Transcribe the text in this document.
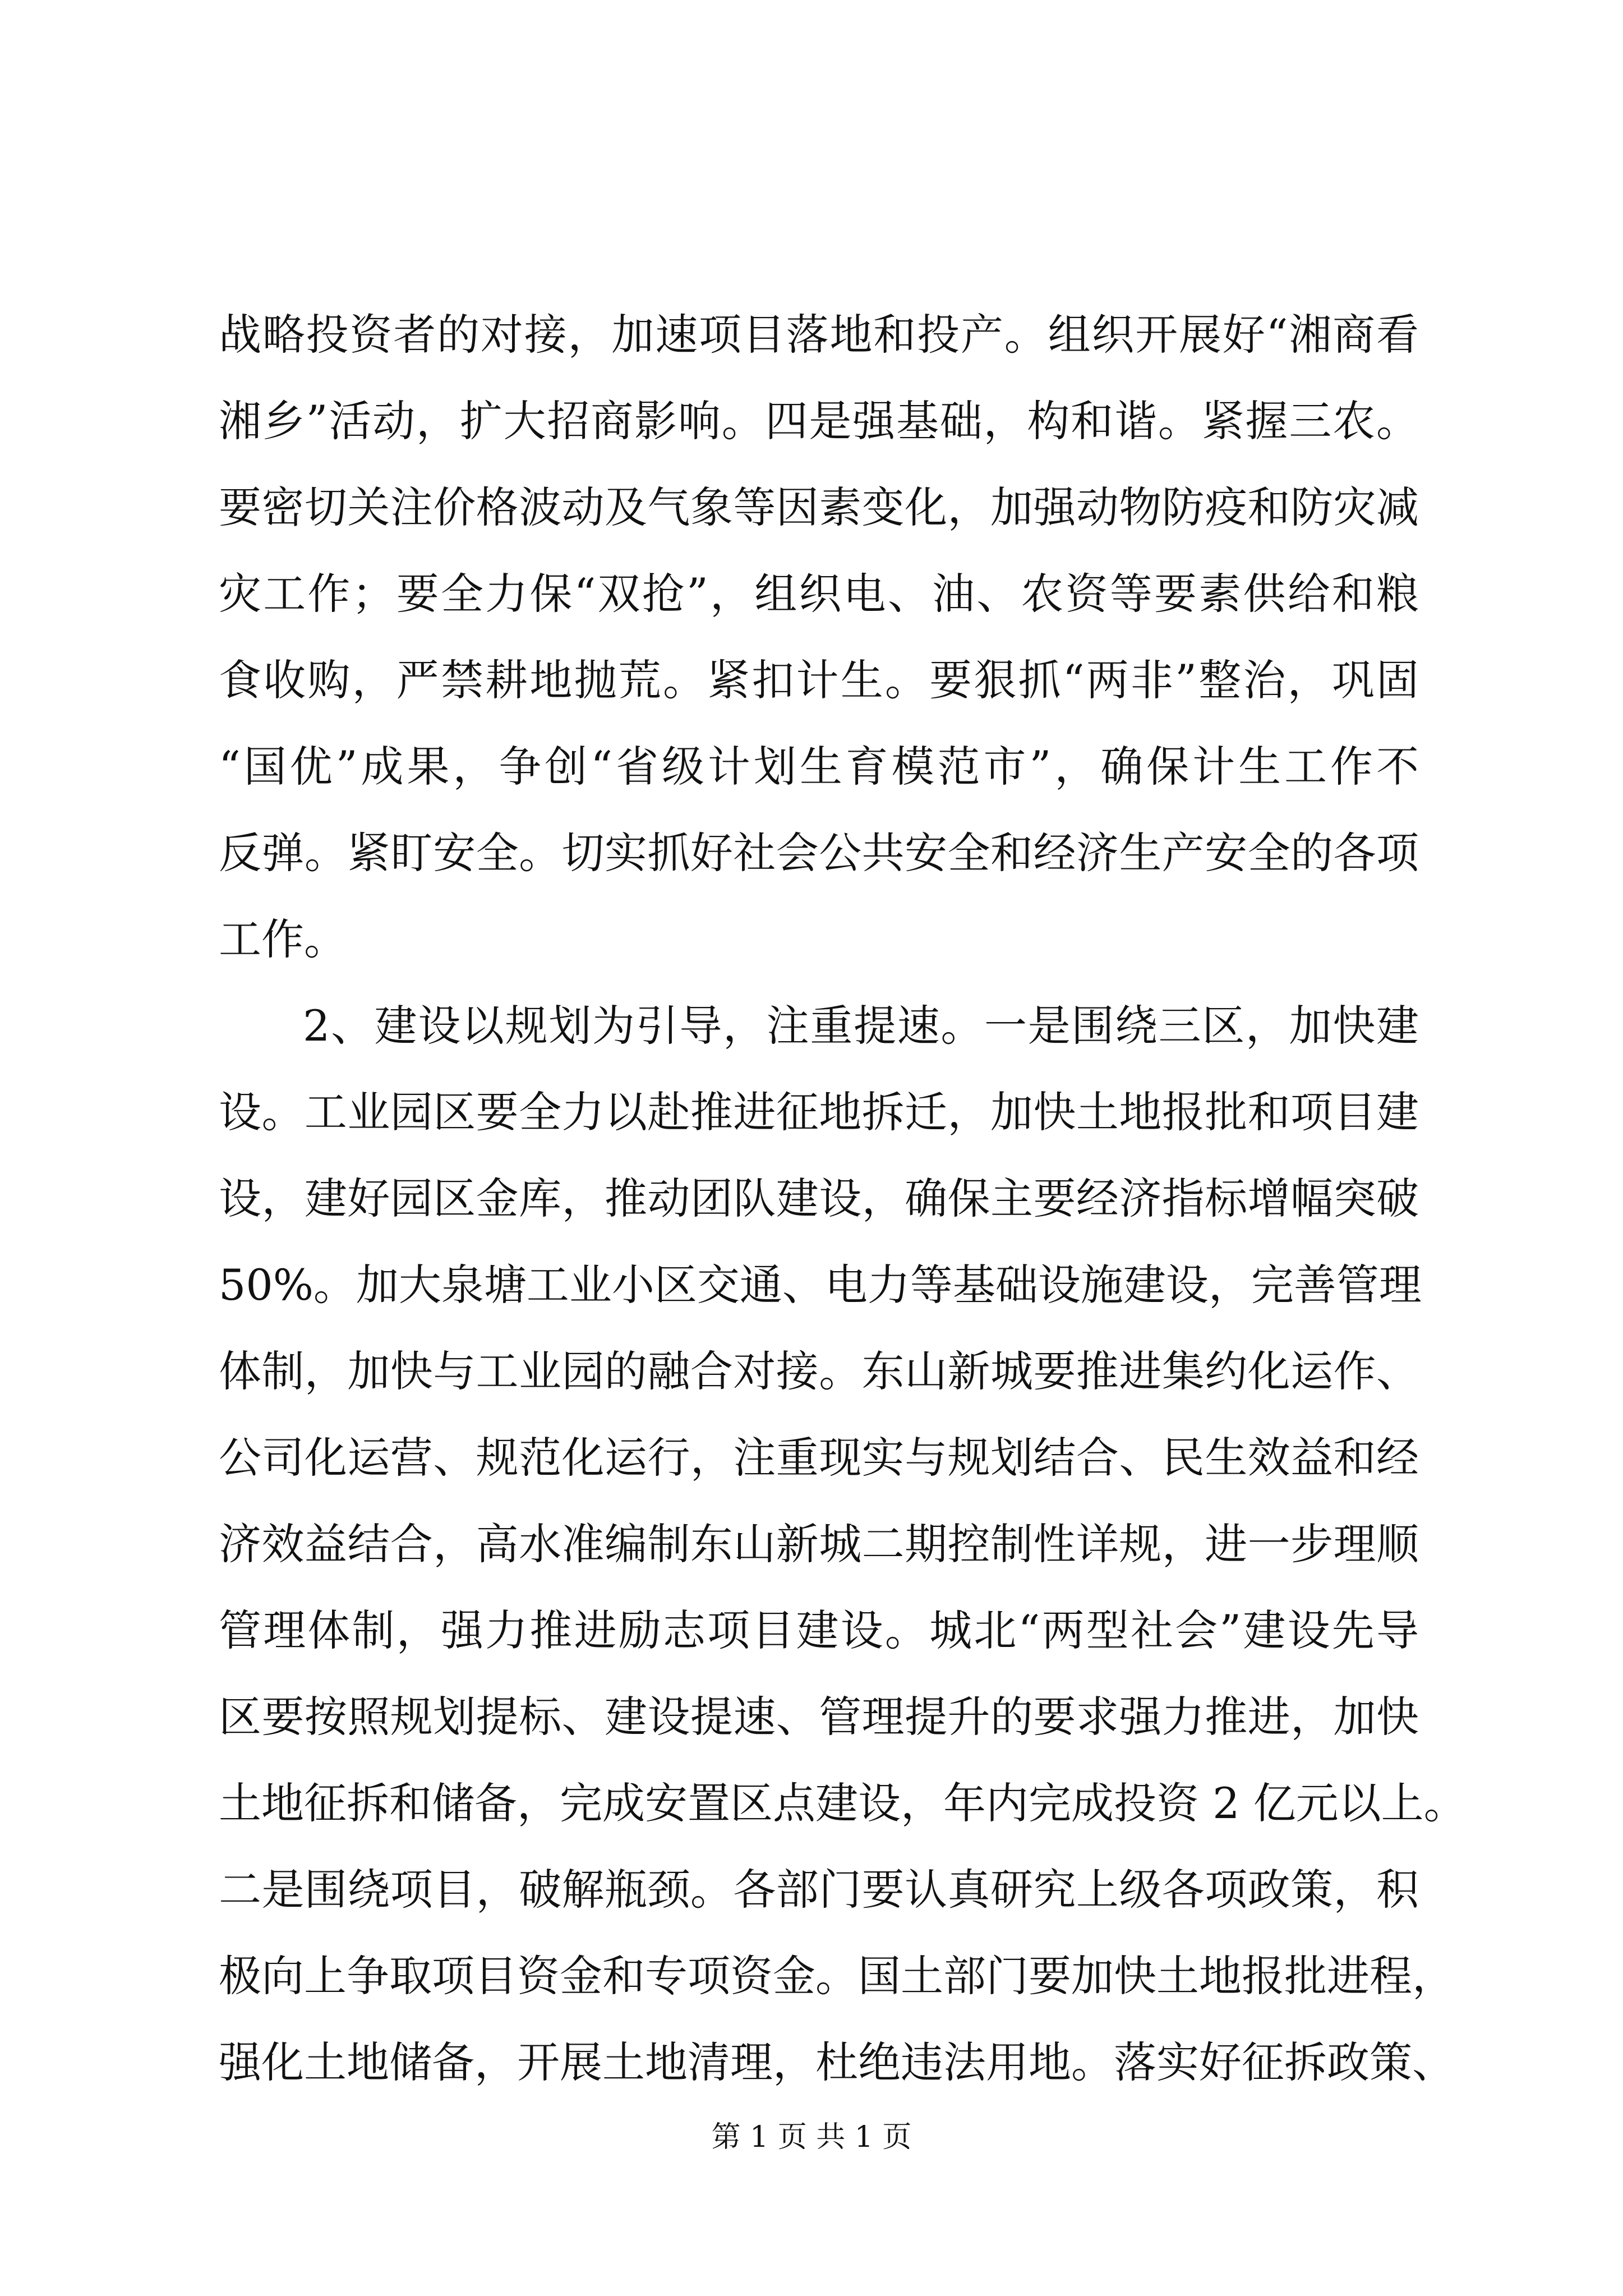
战略投资者的对接，加速项目落地和投产。组织开展好“湘商看
湘乡”活动，扩大招商影响。四是强基础，构和谐。紧握三农。
要密切关注价格波动及气象等因素变化，加强动物防疫和防灾减
灾工作；要全力保“双抢”，组织电、油、农资等要素供给和粮
食收购，严禁耕地抛荒。紧扣计生。要狠抓“两非”整治，巩固
“国优”成果，争创“省级计划生育模范市”，确保计生工作不
反弹。紧盯安全。切实抓好社会公共安全和经济生产安全的各项
工作。
2、建设以规划为引导，注重提速。一是围绕三区，加快建
设。工业园区要全力以赴推进征地拆迁，加快土地报批和项目建
设，建好园区金库，推动团队建设，确保主要经济指标增幅突破
50%。加大泉塘工业小区交通、电力等基础设施建设，完善管理
体制，加快与工业园的融合对接。东山新城要推进集约化运作、
公司化运营、规范化运行，注重现实与规划结合、民生效益和经
济效益结合，高水准编制东山新城二期控制性详规，进一步理顺
管理体制，强力推进励志项目建设。城北“两型社会”建设先导
区要按照规划提标、建设提速、管理提升的要求强力推进，加快
土地征拆和储备，完成安置区点建设，年内完成投资 2 亿元以上。
二是围绕项目，破解瓶颈。各部门要认真研究上级各项政策，积
极向上争取项目资金和专项资金。国土部门要加快土地报批进程，
强化土地储备，开展土地清理，杜绝违法用地。落实好征拆政策、
第 1 页 共 1 页
